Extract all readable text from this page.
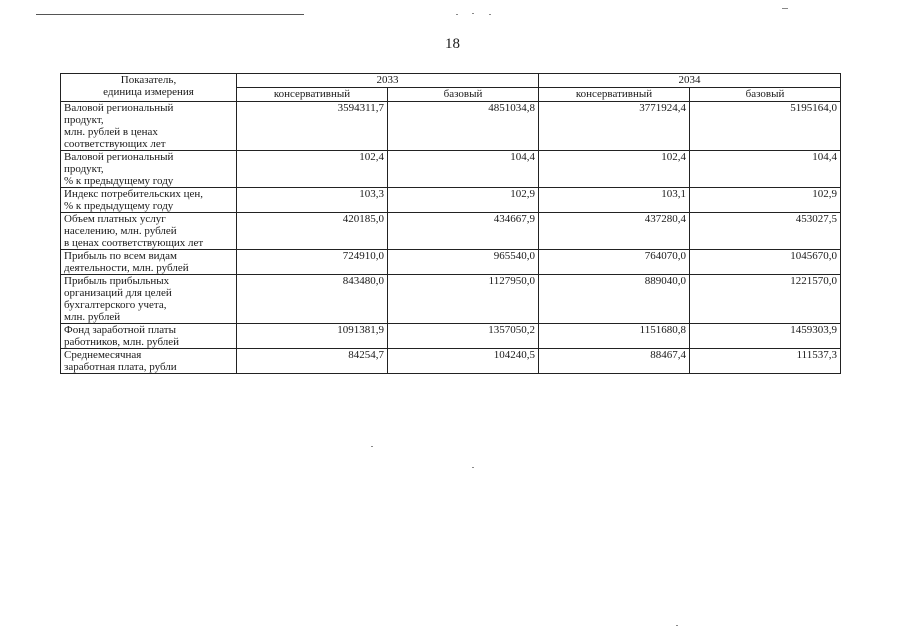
18
Показатель,
единица измерения	2033		2034	
	консервативный	базовый	консервативный	базовый
Валовой региональный
продукт,
млн. рублей в ценах
соответствующих лет	3594311,7	4851034,8	3771924,4	5195164,0
Валовой региональный
продукт,
% к предыдущему году	102,4	104,4	102,4	104,4
Индекс потребительских цен,
% к предыдущему году	103,3	102,9	103,1	102,9
Объем платных услуг
населению, млн. рублей
в ценах соответствующих лет	420185,0	434667,9	437280,4	453027,5
Прибыль по всем видам
деятельности, млн. рублей	724910,0	965540,0	764070,0	1045670,0
Прибыль прибыльных
организаций для целей
бухгалтерского учета,
млн. рублей	843480,0	1127950,0	889040,0	1221570,0
Фонд заработной платы
работников, млн. рублей	1091381,9	1357050,2	1151680,8	1459303,9
Среднемесячная
заработная плата, рубли	84254,7	104240,5	88467,4	111537,3
